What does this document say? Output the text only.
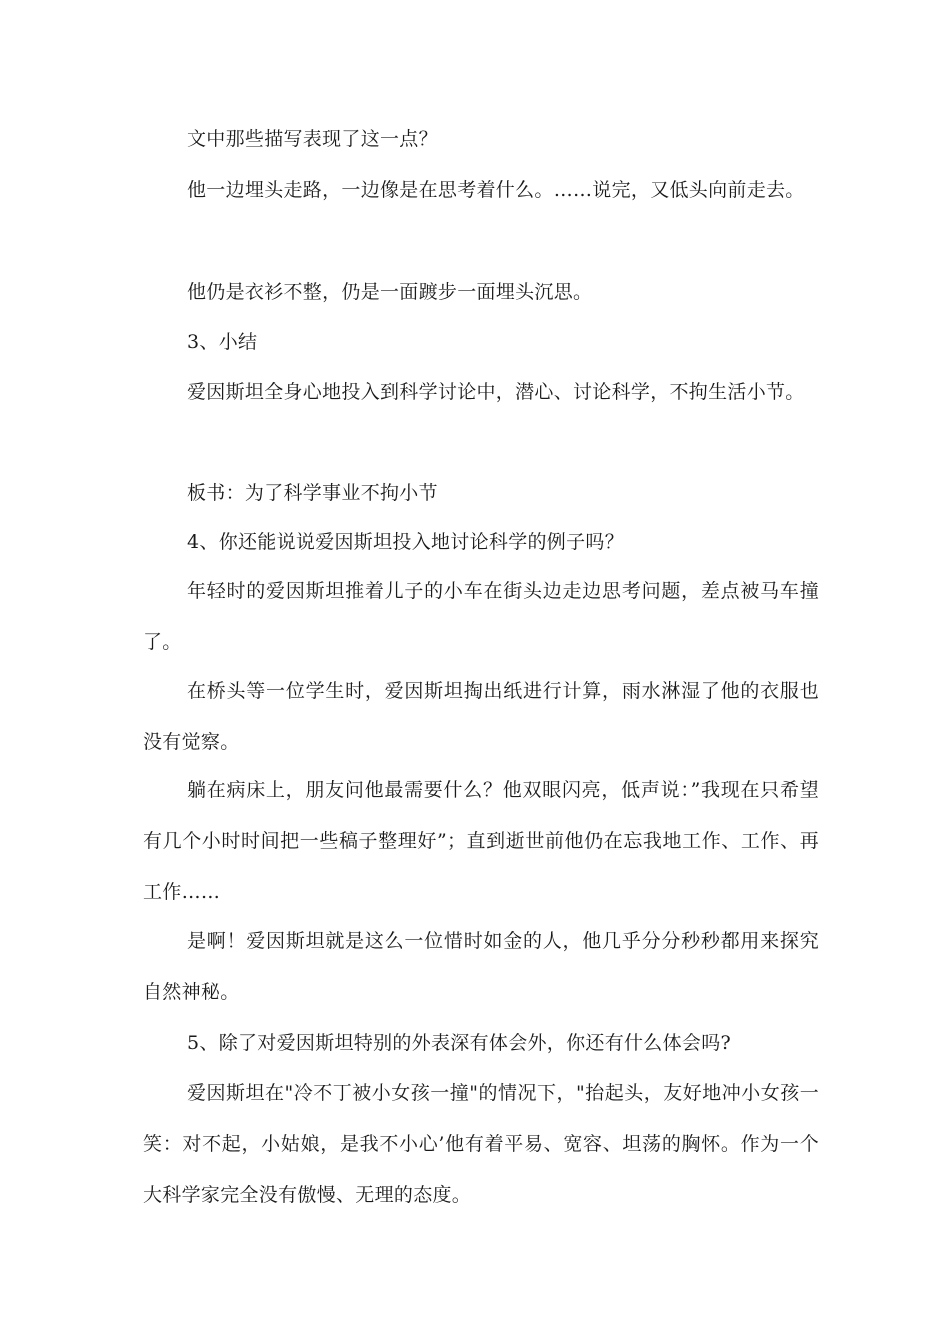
文中那些描写表现了这一点？

他一边埋头走路，一边像是在思考着什么。……说完，又低头向前走去。

他仍是衣衫不整，仍是一面踱步一面埋头沉思。

3、小结

爱因斯坦全身心地投入到科学讨论中，潜心、讨论科学，不拘生活小节。

板书：为了科学事业不拘小节

4、你还能说说爱因斯坦投入地讨论科学的例子吗？

年轻时的爱因斯坦推着儿子的小车在街头边走边思考问题，差点被马车撞了。

在桥头等一位学生时，爱因斯坦掏出纸进行计算，雨水淋湿了他的衣服也没有觉察。

躺在病床上，朋友问他最需要什么？他双眼闪亮，低声说：”我现在只希望有几个小时时间把一些稿子整理好”；直到逝世前他仍在忘我地工作、工作、再工作……

是啊！爱因斯坦就是这么一位惜时如金的人，他几乎分分秒秒都用来探究自然神秘。

5、除了对爱因斯坦特别的外表深有体会外，你还有什么体会吗?

爱因斯坦在"冷不丁被小女孩一撞"的情况下，"抬起头，友好地冲小女孩一笑：对不起，小姑娘，是我不小心’他有着平易、宽容、坦荡的胸怀。作为一个大科学家完全没有傲慢、无理的态度。
